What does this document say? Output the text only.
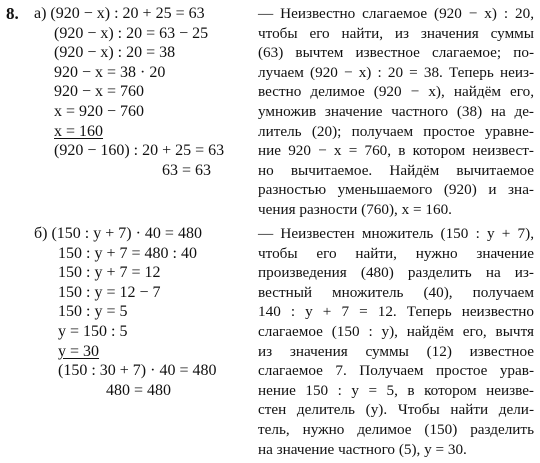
8. а) (920 − x) : 20 + 25 = 63
(920 − x) : 20 = 63 − 25
(920 − x) : 20 = 38
920 − x = 38 · 20
920 − x = 760
x = 920 − 760
x = 160
(920 − 160) : 20 + 25 = 63
63 = 63
— Неизвестно слагаемое (920 − x) : 20,
чтобы его найти, из значения суммы
(63) вычтем известное слагаемое; по-
лучаем (920 − x) : 20 = 38. Теперь неиз-
вестно делимое (920 − x), найдём его,
умножив значение частного (38) на де-
литель (20); получаем простое уравне-
ние 920 − x = 760, в котором неизвест-
но вычитаемое. Найдём вычитаемое
разностью уменьшаемого (920) и зна-
чения разности (760), x = 160.
б) (150 : y + 7) · 40 = 480
150 : y + 7 = 480 : 40
150 : y + 7 = 12
150 : y = 12 − 7
150 : y = 5
y = 150 : 5
y = 30
(150 : 30 + 7) · 40 = 480
480 = 480
— Неизвестен множитель (150 : y + 7),
чтобы его найти, нужно значение
произведения (480) разделить на из-
вестный множитель (40), получаем
140 : y + 7 = 12. Теперь неизвестно
слагаемое (150 : y), найдём его, вычтя
из значения суммы (12) известное
слагаемое 7. Получаем простое урав-
нение 150 : y = 5, в котором неизве-
стен делитель (y). Чтобы найти дели-
тель, нужно делимое (150) разделить
на значение частного (5), y = 30.
